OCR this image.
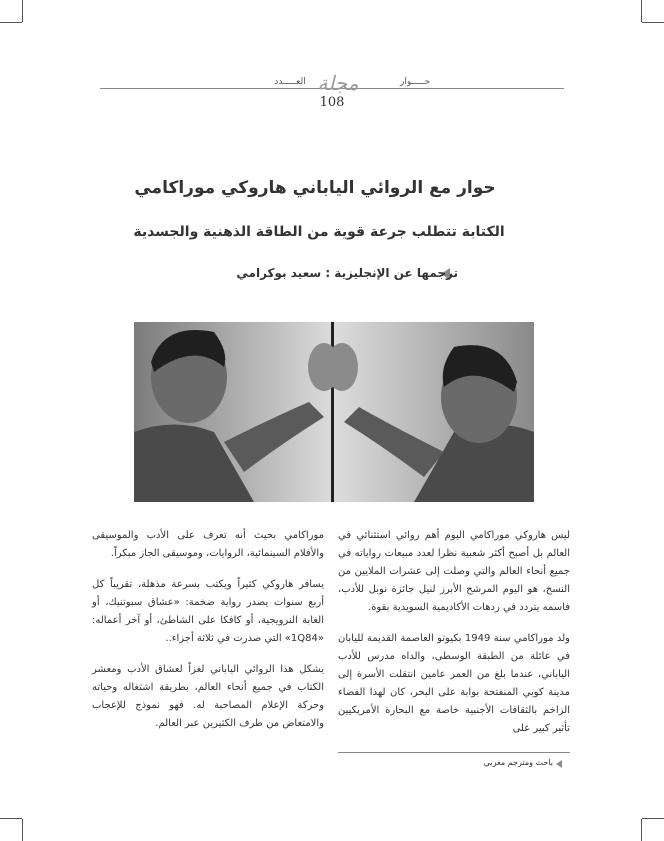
حـــــوار
مجلة
العـــــدد
108
حوار مع الروائي الياباني هاروكي موراكامي
الكتابة تتطلب جرعة قوية من الطاقة الذهنية والجسدية
ترجمها عن الإنجليزية : سعيد بوكرامي

ليس هاروكي موراكامي اليوم أهم روائي استثنائي في العالم بل أصبح أكثر شعبية نظرا لعدد مبيعات رواياته في جميع أنحاء العالم والتي وصلت إلى عشرات الملايين من النسخ، هو اليوم المرشح الأبرز لنيل جائزة نوبل للأدب، فاسمه يتردد في ردهات الأكاديمية السويدية بقوة.

ولد موراكامي سنة 1949 بكيوتو العاصمة القديمة لليابان في عائلة من الطبقة الوسطى، والداه مدرس للأدب الياباني، عندما بلغ من العمر عامين انتقلت الأسرة إلى مدينة كوبي المنفتحة بوابة على البحر، كان لهذا الفضاء الزاخم بالثقافات الأجنبية خاصة مع البحارة الأمريكيين تأثير كبير على

موراكامي بحيث أنه تعرف على الأدب والموسيقى والأفلام السينمائية، الروايات، وموسيقى الجاز مبكراً.

يسافر هاروكي كثيراً ويكتب بسرعة مذهلة، تقريباً كل أربع سنوات يصدر رواية ضخمة: «عشاق سبوتنيك، أو الغابة النرويجية، أو كافكا على الشاطئ، أو آخر أعماله: «1Q84» التي صدرت في ثلاثة أجزاء..

يشكل هذا الروائي الياباني لغزاً لعشاق الأدب ومعشر الكتاب في جميع أنحاء العالم، بطريقة اشتغاله وحياته وحركة الإعلام المصاحبة له. فهو نموذج للإعجاب والامتعاض من طرف الكثيرين عبر العالم.

باحث ومترجم مغربي
